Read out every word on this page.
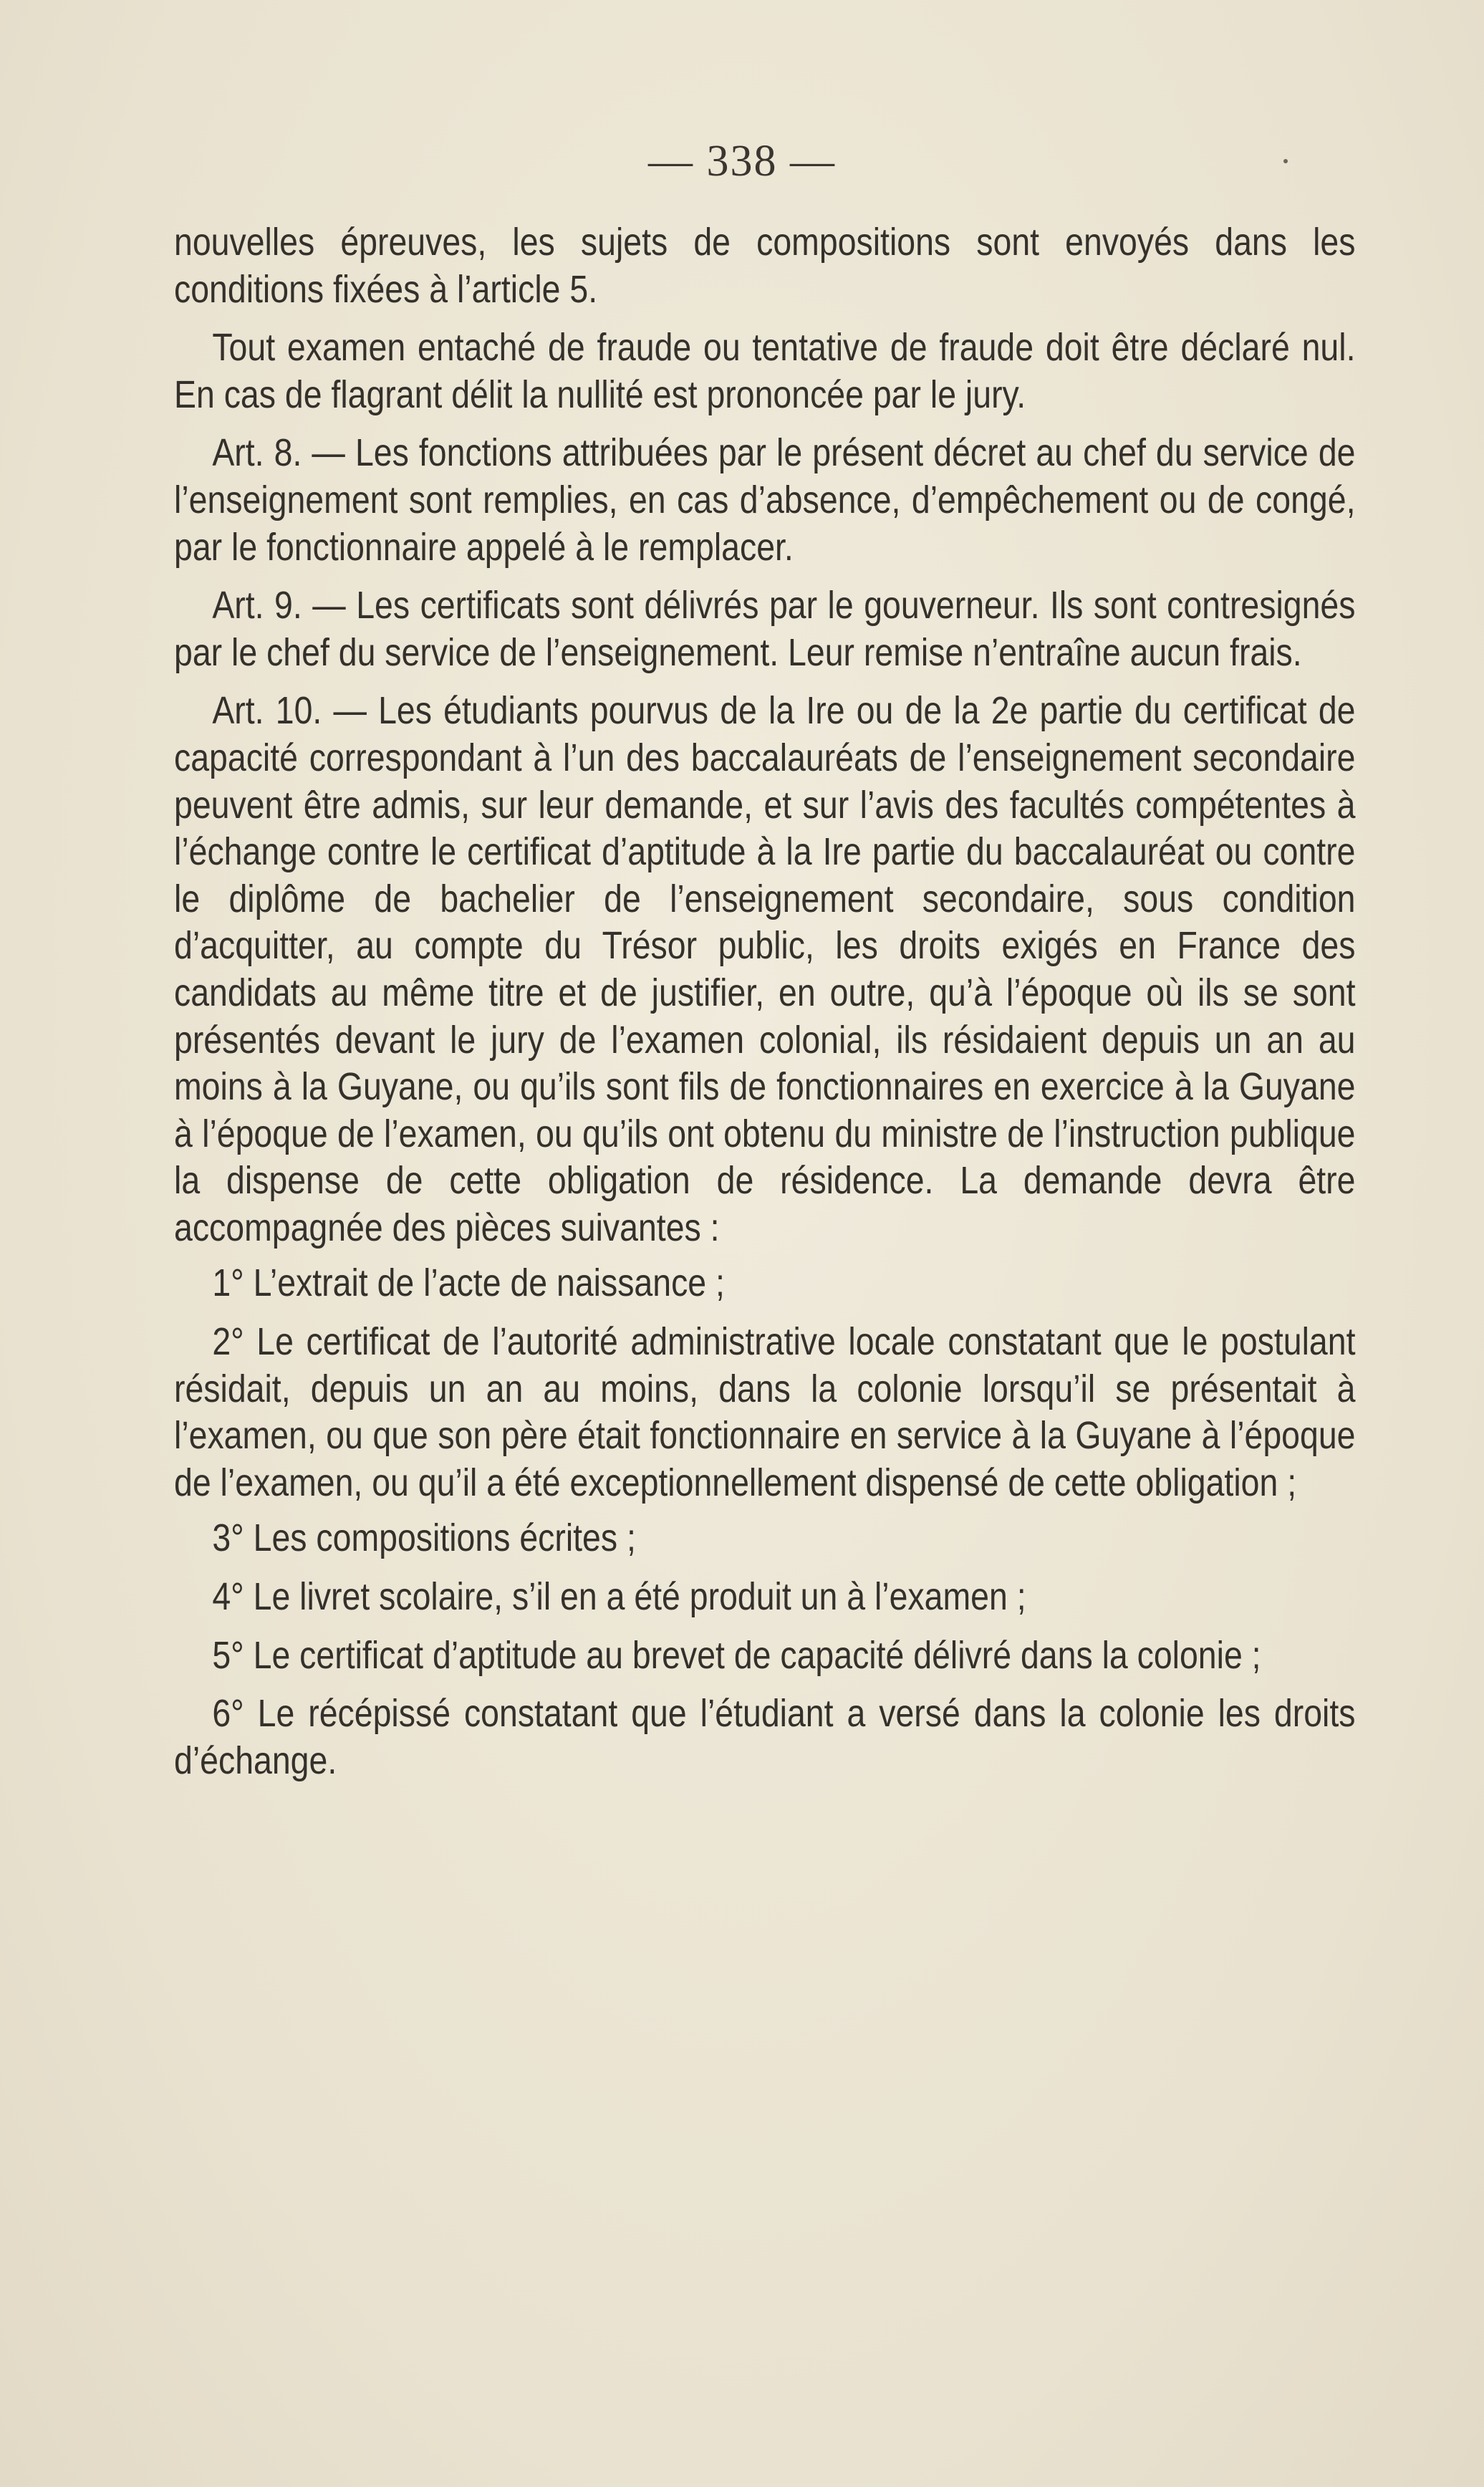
— 338 —

nouvelles épreuves, les sujets de compositions sont envoyés dans les conditions fixées à l’article 5.

Tout examen entaché de fraude ou tentative de fraude doit être déclaré nul. En cas de flagrant délit la nullité est prononcée par le jury.

Art. 8. — Les fonctions attribuées par le présent décret au chef du service de l’enseignement sont remplies, en cas d’absence, d’empêchement ou de congé, par le fonctionnaire appelé à le remplacer.

Art. 9. — Les certificats sont délivrés par le gouverneur. Ils sont contresignés par le chef du service de l’enseignement. Leur remise n’entraîne aucun frais.

Art. 10. — Les étudiants pourvus de la Ire ou de la 2e partie du certificat de capacité correspondant à l’un des baccalauréats de l’enseignement secondaire peuvent être admis, sur leur demande, et sur l’avis des facultés compétentes à l’échange contre le certificat d’aptitude à la Ire partie du baccalauréat ou contre le diplôme de bachelier de l’enseignement secondaire, sous condition d’acquitter, au compte du Trésor public, les droits exigés en France des candidats au même titre et de justifier, en outre, qu’à l’époque où ils se sont présentés devant le jury de l’examen colonial, ils résidaient depuis un an au moins à la Guyane, ou qu’ils sont fils de fonctionnaires en exercice à la Guyane à l’époque de l’examen, ou qu’ils ont obtenu du ministre de l’instruction publique la dispense de cette obligation de résidence. La demande devra être accompagnée des pièces suivantes :

1° L’extrait de l’acte de naissance ;

2° Le certificat de l’autorité administrative locale constatant que le postulant résidait, depuis un an au moins, dans la colonie lorsqu’il se présentait à l’examen, ou que son père était fonctionnaire en service à la Guyane à l’époque de l’examen, ou qu’il a été exceptionnellement dispensé de cette obligation ;

3° Les compositions écrites ;

4° Le livret scolaire, s’il en a été produit un à l’examen ;

5° Le certificat d’aptitude au brevet de capacité délivré dans la colonie ;

6° Le récépissé constatant que l’étudiant a versé dans la colonie les droits d’échange.
